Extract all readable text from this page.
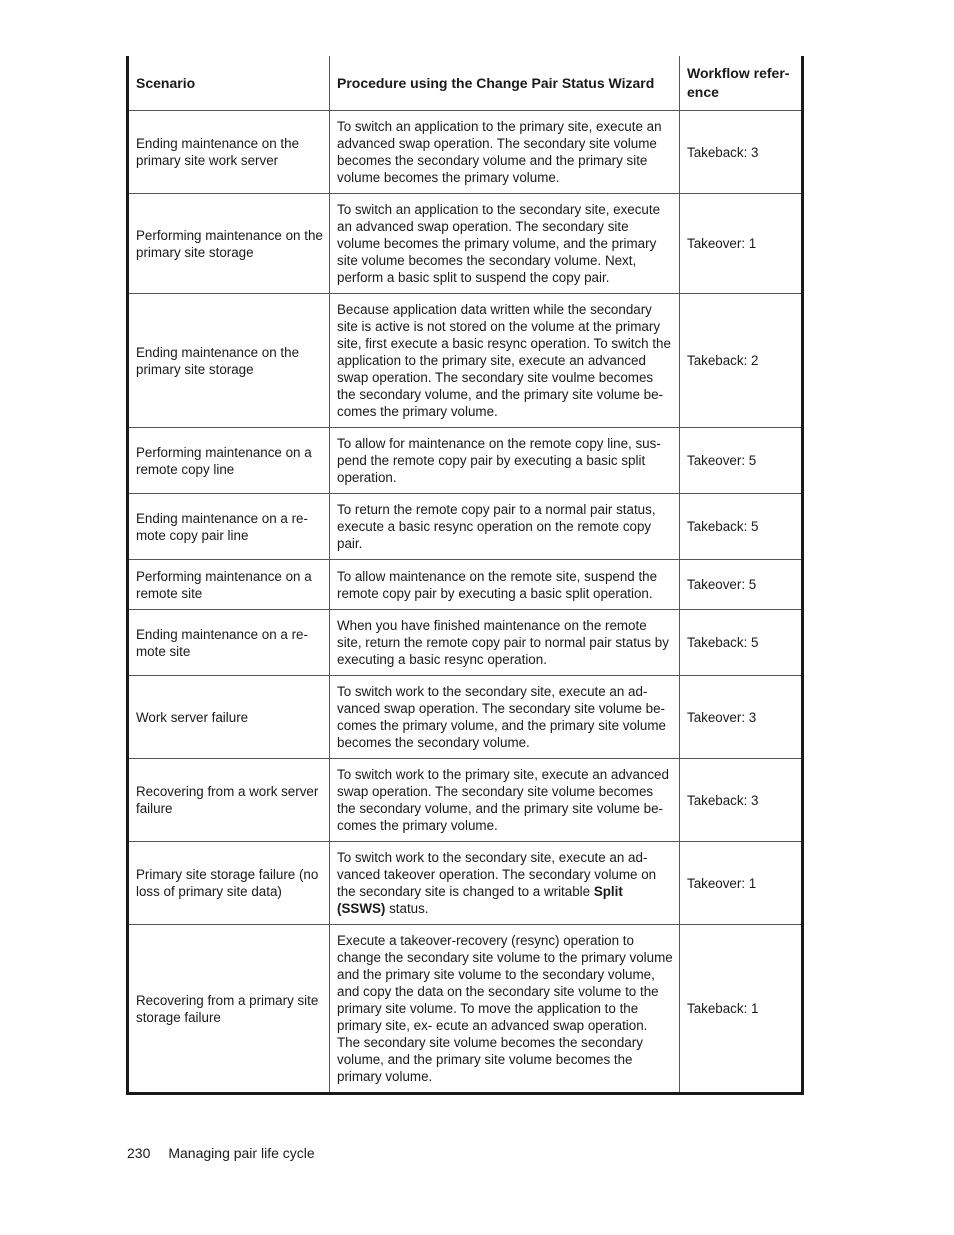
Scenario	Procedure using the Change Pair Status Wizard	Workflow refer- ence
Ending maintenance on the primary site work server	To switch an application to the primary site, execute an advanced swap operation. The secondary site volume becomes the secondary volume and the primary site volume becomes the primary volume.	Takeback: 3
Performing maintenance on the primary site storage	To switch an application to the secondary site, execute an advanced swap operation. The secondary site volume becomes the primary volume, and the primary site volume becomes the secondary volume. Next, perform a basic split to suspend the copy pair.	Takeover: 1
Ending maintenance on the primary site storage	Because application data written while the secondary site is active is not stored on the volume at the primary site, first execute a basic resync operation. To switch the application to the primary site, execute an advanced swap operation. The secondary site voulme becomes the secondary volume, and the primary site volume be- comes the primary volume.	Takeback: 2
Performing maintenance on a remote copy line	To allow for maintenance on the remote copy line, sus- pend the remote copy pair by executing a basic split operation.	Takeover: 5
Ending maintenance on a re- mote copy pair line	To return the remote copy pair to a normal pair status, execute a basic resync operation on the remote copy pair.	Takeback: 5
Performing maintenance on a remote site	To allow maintenance on the remote site, suspend the remote copy pair by executing a basic split operation.	Takeover: 5
Ending maintenance on a re- mote site	When you have finished maintenance on the remote site, return the remote copy pair to normal pair status by executing a basic resync operation.	Takeback: 5
Work server failure	To switch work to the secondary site, execute an ad- vanced swap operation. The secondary site volume be- comes the primary volume, and the primary site volume becomes the secondary volume.	Takeover: 3
Recovering from a work server failure	To switch work to the primary site, execute an advanced swap operation. The secondary site volume becomes the secondary volume, and the primary site volume be- comes the primary volume.	Takeback: 3
Primary site storage failure (no loss of primary site data)	To switch work to the secondary site, execute an ad- vanced takeover operation. The secondary volume on the secondary site is changed to a writable Split (SSWS) status.	Takeover: 1
Recovering from a primary site storage failure	Execute a takeover-recovery (resync) operation to change the secondary site volume to the primary volume and the primary site volume to the secondary volume, and copy the data on the secondary site volume to the primary site volume. To move the application to the primary site, ex- ecute an advanced swap operation. The secondary site volume becomes the secondary volume, and the primary site volume becomes the primary volume.	Takeback: 1
230 Managing pair life cycle
